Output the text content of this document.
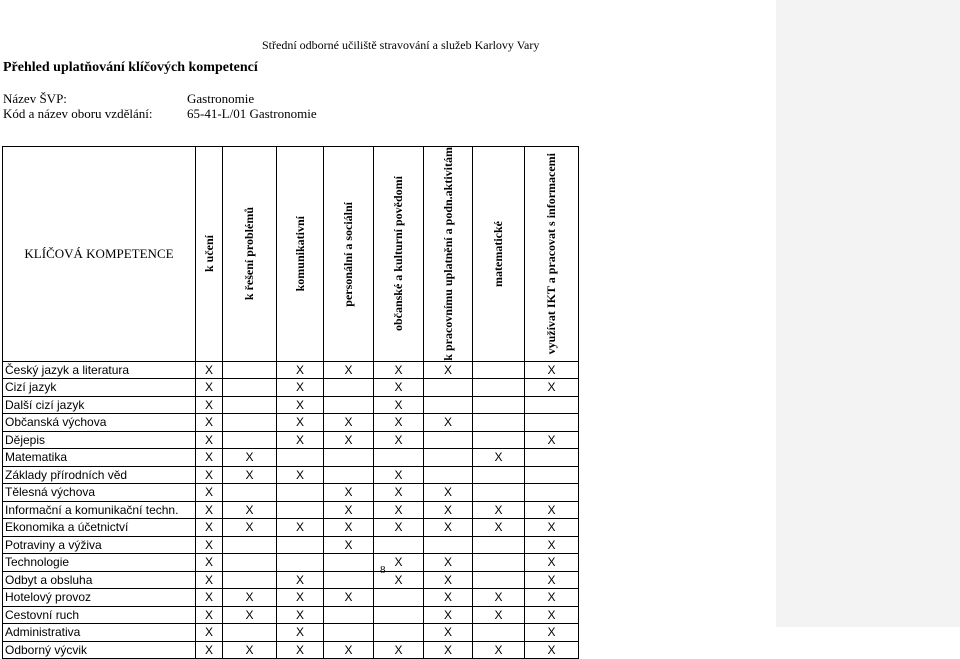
Střední odborné učiliště stravování a služeb Karlovy Vary
Přehled uplatňování klíčových kompetencí
Název ŠVP:	Gastronomie
Kód a název oboru vzdělání:	65-41-L/01 Gastronomie
KLÍČOVÁ KOMPETENCE	k učení	k řešení problémů	komunikativní	personální a sociální	občanské a kulturní povědomí	k pracovnímu uplatnění a podn.aktivitám	matematické	využívat IKT a pracovat s informacemi

Český jazyk a literatura	X		X	X	X	X		X
Cizí jazyk	X		X		X			X
Další cizí jazyk	X		X		X			
Občanská výchova	X		X	X	X	X		
Dějepis	X		X	X	X			X
Matematika	X	X					X	
Základy přírodních věd	X	X	X		X			
Tělesná výchova	X			X	X	X		
Informační a komunikační techn.	X	X		X	X	X	X	X
Ekonomika a účetnictví	X	X	X	X	X	X	X	X
Potraviny a výživa	X			X				X
Technologie	X				X	X		X
Odbyt a obsluha	X		X		X	X		X
Hotelový provoz	X	X	X	X		X	X	X
Cestovní ruch	X	X	X			X	X	X
Administrativa	X		X			X		X
Odborný výcvik	X	X	X	X	X	X	X	X
8
